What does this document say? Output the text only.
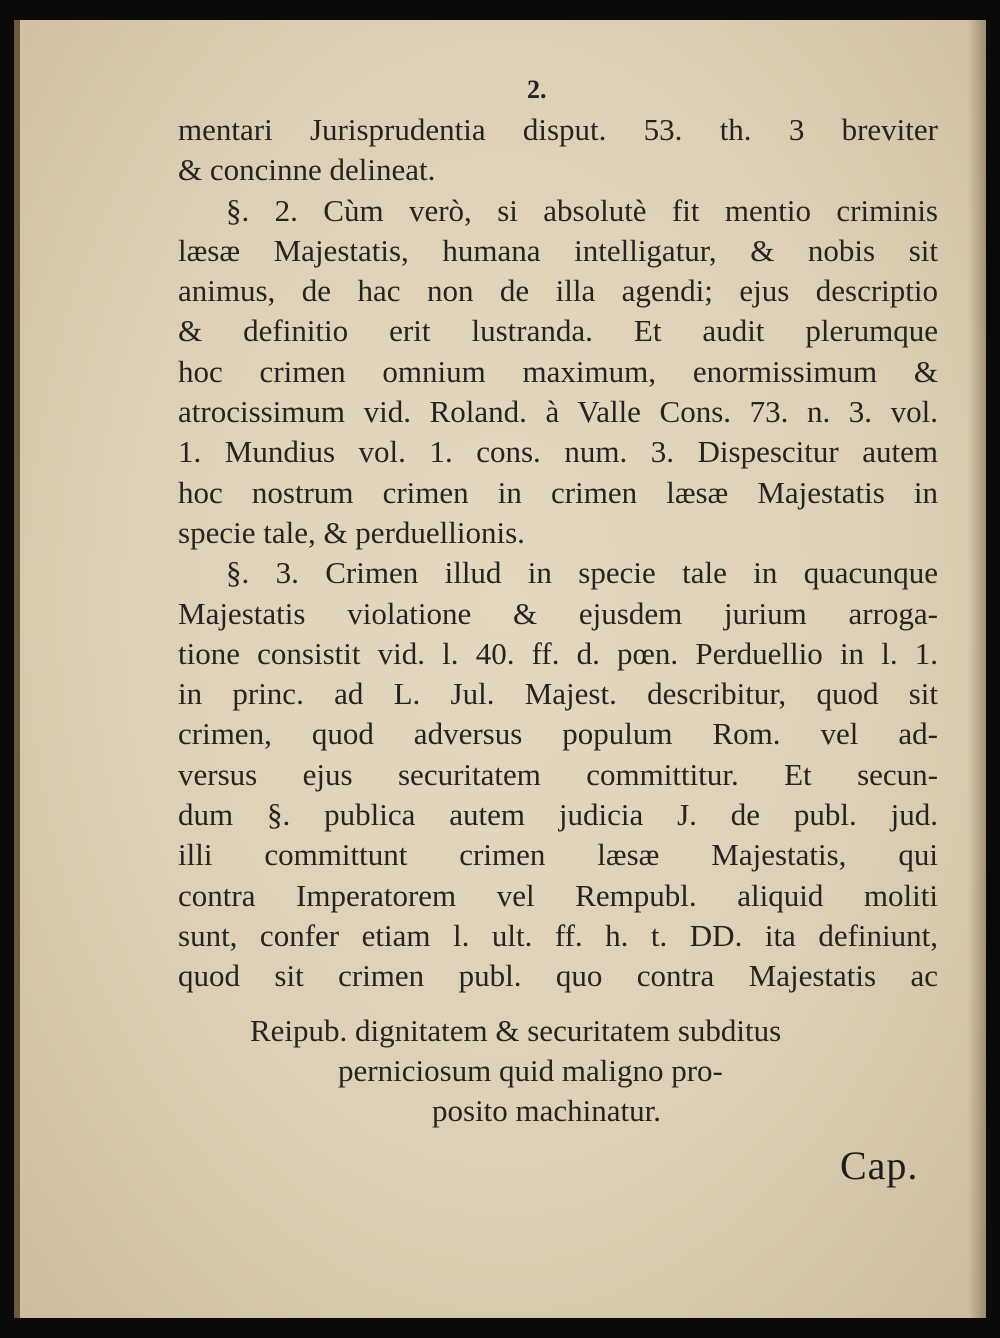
2.
mentari Jurisprudentia disput. 53. th. 3 breviter
& concinne delineat.
§. 2. Cùm verò, si absolutè fit mentio criminis
læsæ Majestatis, humana intelligatur, & nobis sit
animus, de hac non de illa agendi; ejus descriptio
& definitio erit lustranda. Et audit plerumque
hoc crimen omnium maximum, enormissimum &
atrocissimum vid. Roland. à Valle Cons. 73. n. 3. vol.
1. Mundius vol. 1. cons. num. 3. Dispescitur autem
hoc nostrum crimen in crimen læsæ Majestatis in
specie tale, & perduellionis.
§. 3. Crimen illud in specie tale in quacunque
Majestatis violatione & ejusdem jurium arroga-
tione consistit vid. l. 40. ff. d. pœn. Perduellio in l. 1.
in princ. ad L. Jul. Majest. describitur, quod sit
crimen, quod adversus populum Rom. vel ad-
versus ejus securitatem committitur. Et secun-
dum §. publica autem judicia J. de publ. jud.
illi committunt crimen læsæ Majestatis, qui
contra Imperatorem vel Rempubl. aliquid moliti
sunt, confer etiam l. ult. ff. h. t. DD. ita definiunt,
quod sit crimen publ. quo contra Majestatis ac
Reipub. dignitatem & securitatem subditus
perniciosum quid maligno pro-
posito machinatur.
Cap.
